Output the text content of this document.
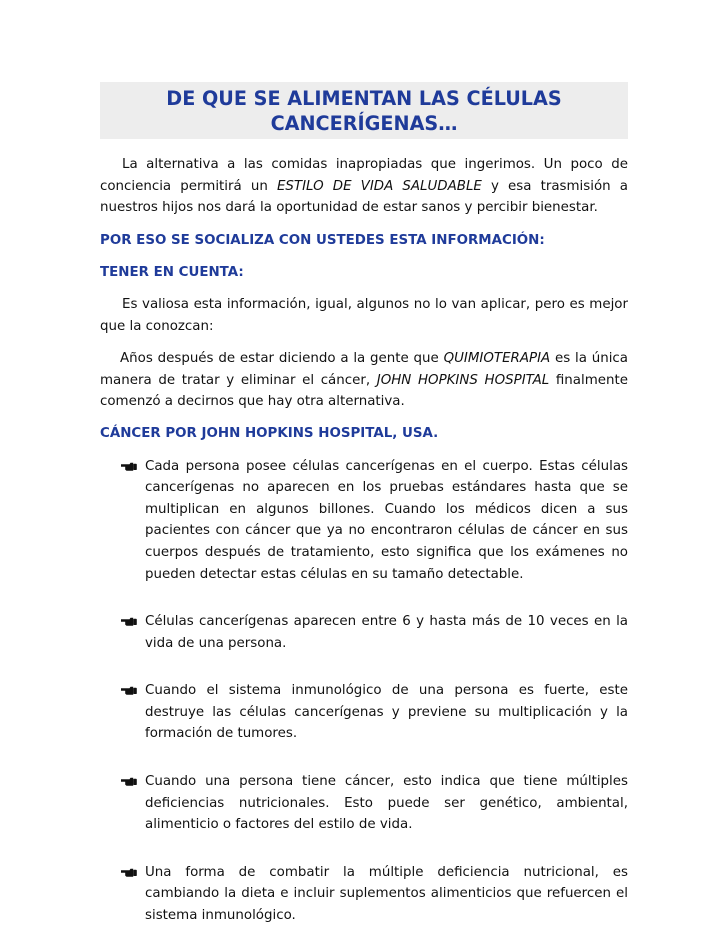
DE QUE SE ALIMENTAN LAS CÉLULAS
CANCERÍGENAS…

La alternativa a las comidas inapropiadas que ingerimos. Un poco de conciencia permitirá un ESTILO DE VIDA SALUDABLE y esa trasmisión a nuestros hijos nos dará la oportunidad de estar sanos y percibir bienestar.

POR ESO SE SOCIALIZA CON USTEDES ESTA INFORMACIÓN:

TENER EN CUENTA:

Es valiosa esta información, igual, algunos no lo van aplicar, pero es mejor que la conozcan:

Años después de estar diciendo a la gente que QUIMIOTERAPIA es la única manera de tratar y eliminar el cáncer, JOHN HOPKINS HOSPITAL finalmente comenzó a decirnos que hay otra alternativa.

CÁNCER POR JOHN HOPKINS HOSPITAL, USA.

Cada persona posee células cancerígenas en el cuerpo. Estas células cancerígenas no aparecen en los pruebas estándares hasta que se multiplican en algunos billones. Cuando los médicos dicen a sus pacientes con cáncer que ya no encontraron células de cáncer en sus cuerpos después de tratamiento, esto significa que los exámenes no pueden detectar estas células en su tamaño detectable.
Células cancerígenas aparecen entre 6 y hasta más de 10 veces en la vida de una persona.
Cuando el sistema inmunológico de una persona es fuerte, este destruye las células cancerígenas y previene su multiplicación y la formación de tumores.
Cuando una persona tiene cáncer, esto indica que tiene múltiples deficiencias nutricionales. Esto puede ser genético, ambiental, alimenticio o factores del estilo de vida.
Una forma de combatir la múltiple deficiencia nutricional, es cambiando la dieta e incluir suplementos alimenticios que refuercen el sistema inmunológico.
